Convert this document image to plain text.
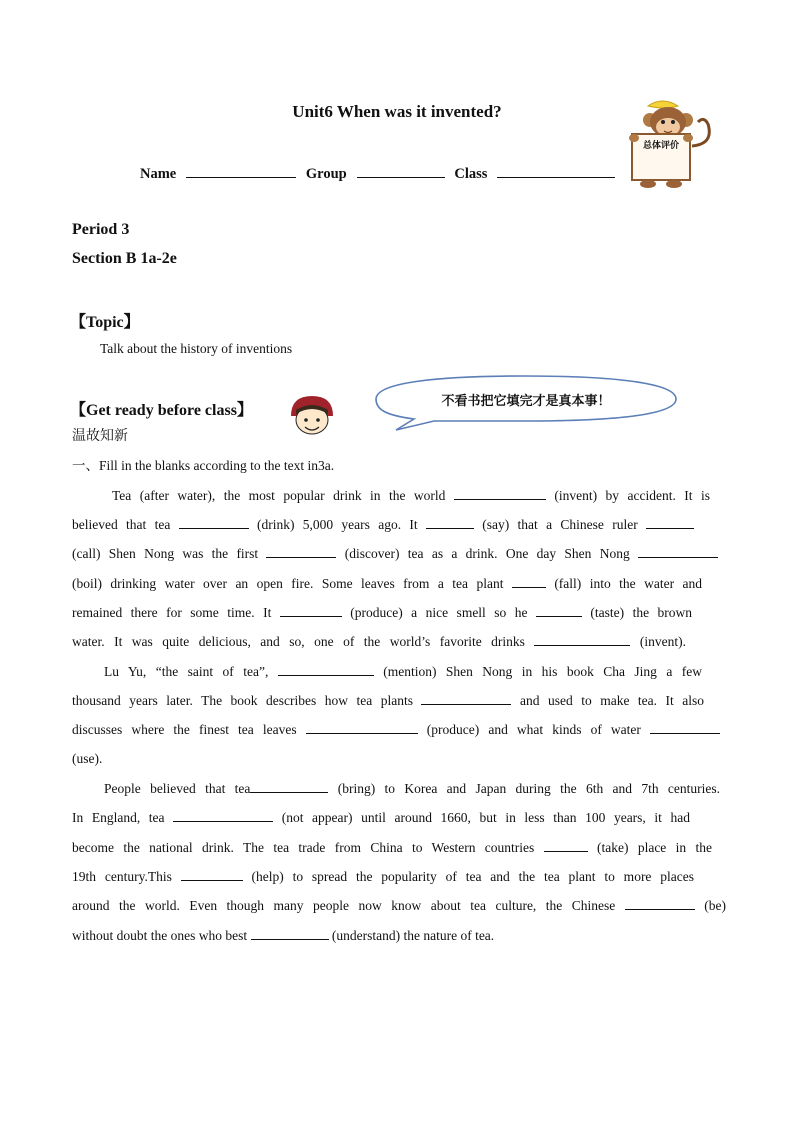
Unit6 When was it invented?
Name	Group	Class
总体评价
Period 3
Section B 1a-2e
【Topic】
Talk about the history of inventions
【Get ready before class】
不看书把它填完才是真本事！
温故知新
一、Fill in the blanks according to the text in3a.
Tea (after water), the most popular drink in the world	(invent) by accident. It is
believed that tea	(drink) 5,000 years ago. It	(say) that a Chinese ruler
(call) Shen Nong was the first	(discover) tea as a drink. One day Shen Nong
(boil) drinking water over an open fire. Some leaves from a tea plant	(fall) into the water and
remained there for some time. It	(produce) a nice smell so he	(taste) the brown
water. It was quite delicious, and so, one of the world’s favorite drinks	(invent).
Lu Yu, “the saint of tea”,	(mention) Shen Nong in his book Cha Jing a few
thousand years later. The book describes how tea plants	and used to make tea. It also
discusses where the finest tea leaves	(produce) and what kinds of water
(use).
People believed that tea	(bring) to Korea and Japan during the 6th and 7th centuries.
In England, tea	(not appear) until around 1660, but in less than 100 years, it had
become the national drink. The tea trade from China to Western countries	(take) place in the
19th century.This	(help) to spread the popularity of tea and the tea plant to more places
around the world. Even though many people now know about tea culture, the Chinese	(be)
without doubt the ones who best	(understand) the nature of tea.
